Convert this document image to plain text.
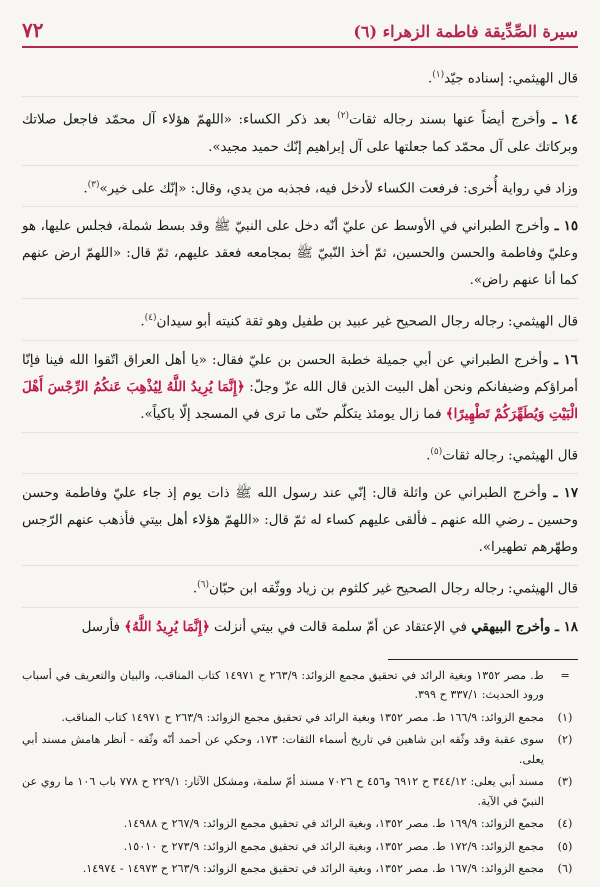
سيرة الصِّدِّيقة فاطمة الزهراء (٦)
٧٢
قال الهيثمي: إسناده جيّد$^{(١)}$.
١٤ ـ وأخرج أيضاً عنها بسند رجاله ثقات$^{(٢)}$ بعد ذكر الكساء: «اللهمّ هؤلاء آل محمّد فاجعل صلاتك وبركاتك على آل محمّد كما جعلتها على آل إبراهيم إنّك حميد مجيد».
وزاد في رواية أُخرى: فرفعت الكساء لأدخل فيه، فجذبه من يدي، وقال: «إنّك على خير»$^{(٣)}$.
١٥ ـ وأخرج الطبراني في الأوسط عن عليّ أنّه دخل على النبيّ ﷺ وقد بسط شملة، فجلس عليها، هو وعليّ وفاطمة والحسن والحسين، ثمّ أخذ النّبيّ ﷺ بمجامعه فعقد عليهم، ثمّ قال: «اللهمّ ارض عنهم كما أنا عنهم راض».
قال الهيثمي: رجاله رجال الصحيح غير عبيد بن طفيل وهو ثقة كنيته أبو سيدان$^{(٤)}$.
١٦ ـ وأخرج الطبراني عن أبي جميلة خطبة الحسن بن عليّ فقال: «يا أهل العراق اتّقوا الله فينا فإنّا أمراؤكم وضيفانكم ونحن أهل البيت الذين قال الله عزّ وجلّ: ﴿إِنَّمَا يُرِيدُ اللَّهُ لِيُذْهِبَ عَنكُمُ الرِّجْسَ أَهْلَ الْبَيْتِ وَيُطَهِّرَكُمْ تَطْهِيرًا﴾ فما زال يومئذ يتكلّم حتّى ما ترى في المسجد إلّا باكياً».
قال الهيثمي: رجاله ثقات$^{(٥)}$.
١٧ ـ وأخرج الطبراني عن واثلة قال: إنّي عند رسول الله ﷺ ذات يوم إذ جاء عليّ وفاطمة وحسن وحسين ـ رضي الله عنهم ـ فألقى عليهم كساء له ثمّ قال: «اللهمّ هؤلاء أهل بيتي فأذهب عنهم الرّجس وطهّرهم تطهيرا».
قال الهيثمي: رجاله رجال الصحيح غير كلثوم بن زياد ووثّقه ابن حبّان$^{(٦)}$.
١٨ ـ وأخرج البيهقي في الإعتقاد عن أمّ سلمة قالت في بيتي أنزلت ﴿إِنَّمَا يُرِيدُ اللَّهُ﴾ فأرسل
=
ط. مصر ١٣٥٢ وبغية الرائد في تحقيق مجمع الزوائد: ٢٦٣/٩ ح ١٤٩٧١ كتاب المناقب، والبيان والتعريف في أسباب ورود الحديث: ٣٣٧/١ ح ٣٩٩.
(١)
مجمع الزوائد: ١٦٦/٩ ط. مصر ١٣٥٢ وبغية الرائد في تحقيق مجمع الزوائد: ٢٦٣/٩ ح ١٤٩٧١ كتاب المناقب.
(٢)
سوى عقبة وقد وثّقه ابن شاهين في تاريخ أسماء الثقات: ١٧٣، وحكي عن أحمد أنّه وثّقه - أنظر هامش مسند أبي يعلى.
(٣)
مسند أبي يعلى: ٣٤٤/١٢ ح ٦٩١٢ و٤٥٦ ح ٧٠٢٦ مسند أمّ سلمة، ومشكل الآثار: ٢٢٩/١ ح ٧٧٨ باب ١٠٦ ما روي عن النبيّ في الآية.
(٤)
مجمع الزوائد: ١٦٩/٩ ط. مصر ١٣٥٢، وبغية الرائد في تحقيق مجمع الزوائد: ٢٦٧/٩ ح ١٤٩٨٨.
(٥)
مجمع الزوائد: ١٧٢/٩ ط. مصر ١٣٥٢، وبغية الرائد في تحقيق مجمع الزوائد: ٢٧٣/٩ ح ١٥٠١٠.
(٦)
مجمع الزوائد: ١٦٧/٩ ط. مصر ١٣٥٢، وبغية الرائد في تحقيق مجمع الزوائد: ٢٦٣/٩ ح ١٤٩٧٣ - ١٤٩٧٤.
